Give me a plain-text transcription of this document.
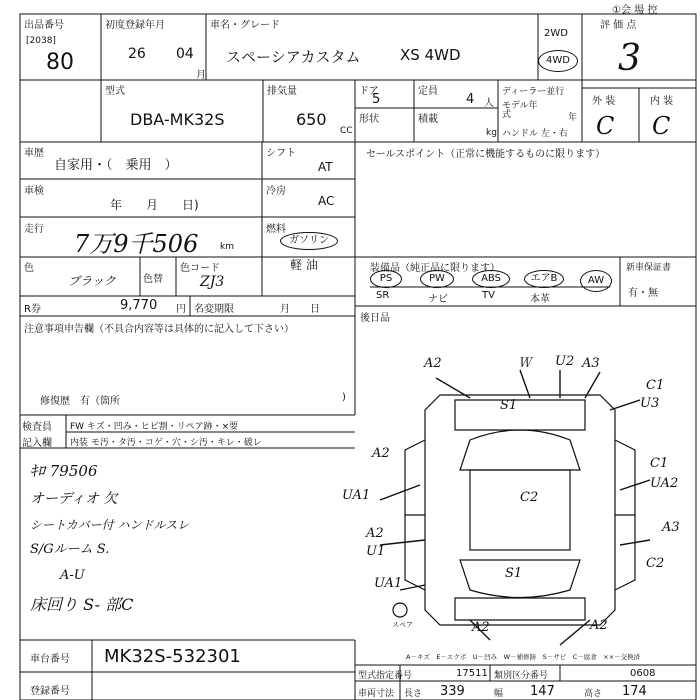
出品番号
[2038]
80
初度登録年月
26 04
月
車名・グレード
スペーシアカスタム	XS 4WD
2WD
4WD
評 価 点
3
①会 場 控
型式
DBA-MK32S
排気量
650
CC
ドア
5
定員
4 人
形状	積載
kg
ディーラー並行
モデル年式	年
ハンドル 左・右
外 装	内 装
C C
車歴
自家用・（　乗用　）
シフト
AT
車検
年　　月　　日)
冷房
AC
走行
7万9千506 km
燃料
ガソリン
軽 油
色
ブラック	色替
色コード
ZJ3
R券	9,770 円 名変期限	月　　日
注意事項申告欄（不具合内容等は具体的に記入して下さい）
修復歴　有（箇所	)
セールスポイント（正常に機能するものに限ります）
装備品（純正品に限ります）	新車保証書
有・無
PS	PW	ABS	エアB	AW
SR	ナビ	TV	本革
後日品
検査員
記入欄
FW キズ・凹み・ヒビ割・リペア跡・×要
内装 モ汚・タ汚・コゲ・穴・シ汚・キレ・破レ
ｷﾛ 79506
オーディオ 欠
シートカバー付 ハンドルスレ
S/Gルーム S.
A-U
床回り S- 部C
A2	Ｗ U2 A3
C1
U3
C1
UA2
A3
C2
A2
UA1
A2
U1
UA1
S1
C2
S1
A2	A2
スペア
車台番号 MK32S-532301
登録番号
A－キズ　E－エクボ　U－凹み　W－補修跡　S－サビ　C－腐食　××－交換済
型式指定番号	17511 類別区分番号	0608
車両寸法 長さ 339	幅 147	高さ 174
